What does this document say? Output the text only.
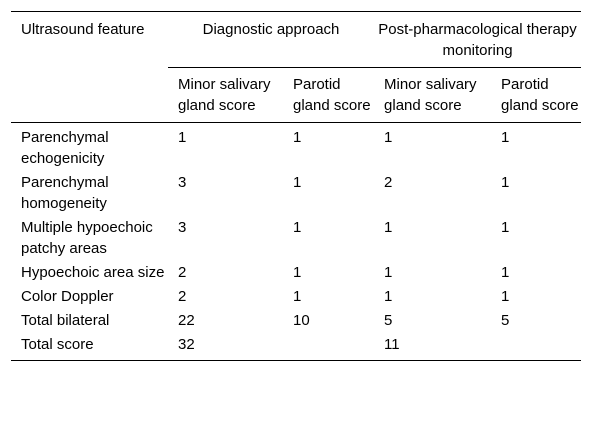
Ultrasound feature	Diagnostic approach		Post-pharmacological therapy monitoring	
	Minor salivary gland score	Parotid gland score	Minor salivary gland score	Parotid gland score
Parenchymal echogenicity	1	1	1	1
Parenchymal homogeneity	3	1	2	1
Multiple hypoechoic patchy areas	3	1	1	1
Hypoechoic area size	2	1	1	1
Color Doppler	2	1	1	1
Total bilateral	22	10	5	5
Total score	32		11	
